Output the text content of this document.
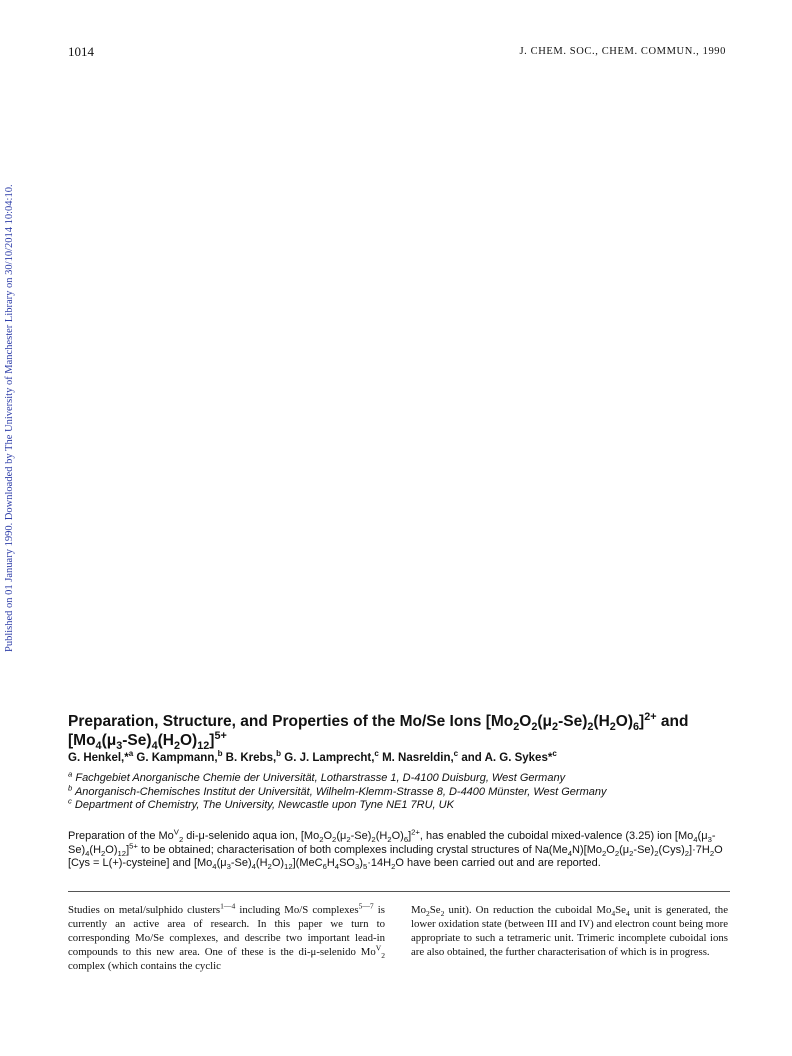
1014	J. CHEM. SOC., CHEM. COMMUN., 1990
Published on 01 January 1990. Downloaded by The University of Manchester Library on 30/10/2014 10:04:10.
Preparation, Structure, and Properties of the Mo/Se Ions $[Mo_2O_2(\mu_2-Se)_2(H_2O)_6]^{2+}$ and $[Mo_4(\mu_3-Se)_4(H_2O)_{12}]^{5+}$
G. Henkel,*$^a$ G. Kampmann,$^b$ B. Krebs,$^b$ G. J. Lamprecht,$^c$ M. Nasreldin,$^c$ and A. G. Sykes*$^c$
$^a$ Fachgebiet Anorganische Chemie der Universität, Lotharstrasse 1, D-4100 Duisburg, West Germany
$^b$ Anorganisch-Chemisches Institut der Universität, Wilhelm-Klemm-Strasse 8, D-4400 Münster, West Germany
$^c$ Department of Chemistry, The University, Newcastle upon Tyne NE1 7RU, UK

Preparation of the $Mo^V_2$ di-μ-selenido aqua ion, $[Mo_2O_2(\mu_2-Se)_2(H_2O)_6]^{2+}$, has enabled the cuboidal mixed-valence (3.25) ion $[Mo_4(\mu_3-Se)_4(H_2O)_{12}]^{5+}$ to be obtained; characterisation of both complexes including crystal structures of $Na(Me_4N)[Mo_2O_2(\mu_2-Se)_2(Cys)_2]\cdot 7H_2O$ [Cys = L(+)-cysteine] and $[Mo_4(\mu_3-Se)_4(H_2O)_{12}](MeC_6H_4SO_3)_5\cdot 14H_2O$ have been carried out and are reported.

Studies on metal/sulphido clusters$^{1—4}$ including Mo/S complexes$^{5—7}$ is currently an active area of research. In this paper we turn to corresponding Mo/Se complexes, and describe two important lead-in compounds to this new area. One of these is the di-μ-selenido $Mo^V_2$ complex (which contains the cyclic

$Mo_2Se_2$ unit). On reduction the cuboidal $Mo_4Se_4$ unit is generated, the lower oxidation state (between III and IV) and electron count being more appropriate to such a tetrameric unit. Trimeric incomplete cuboidal ions are also obtained, the further characterisation of which is in progress.
